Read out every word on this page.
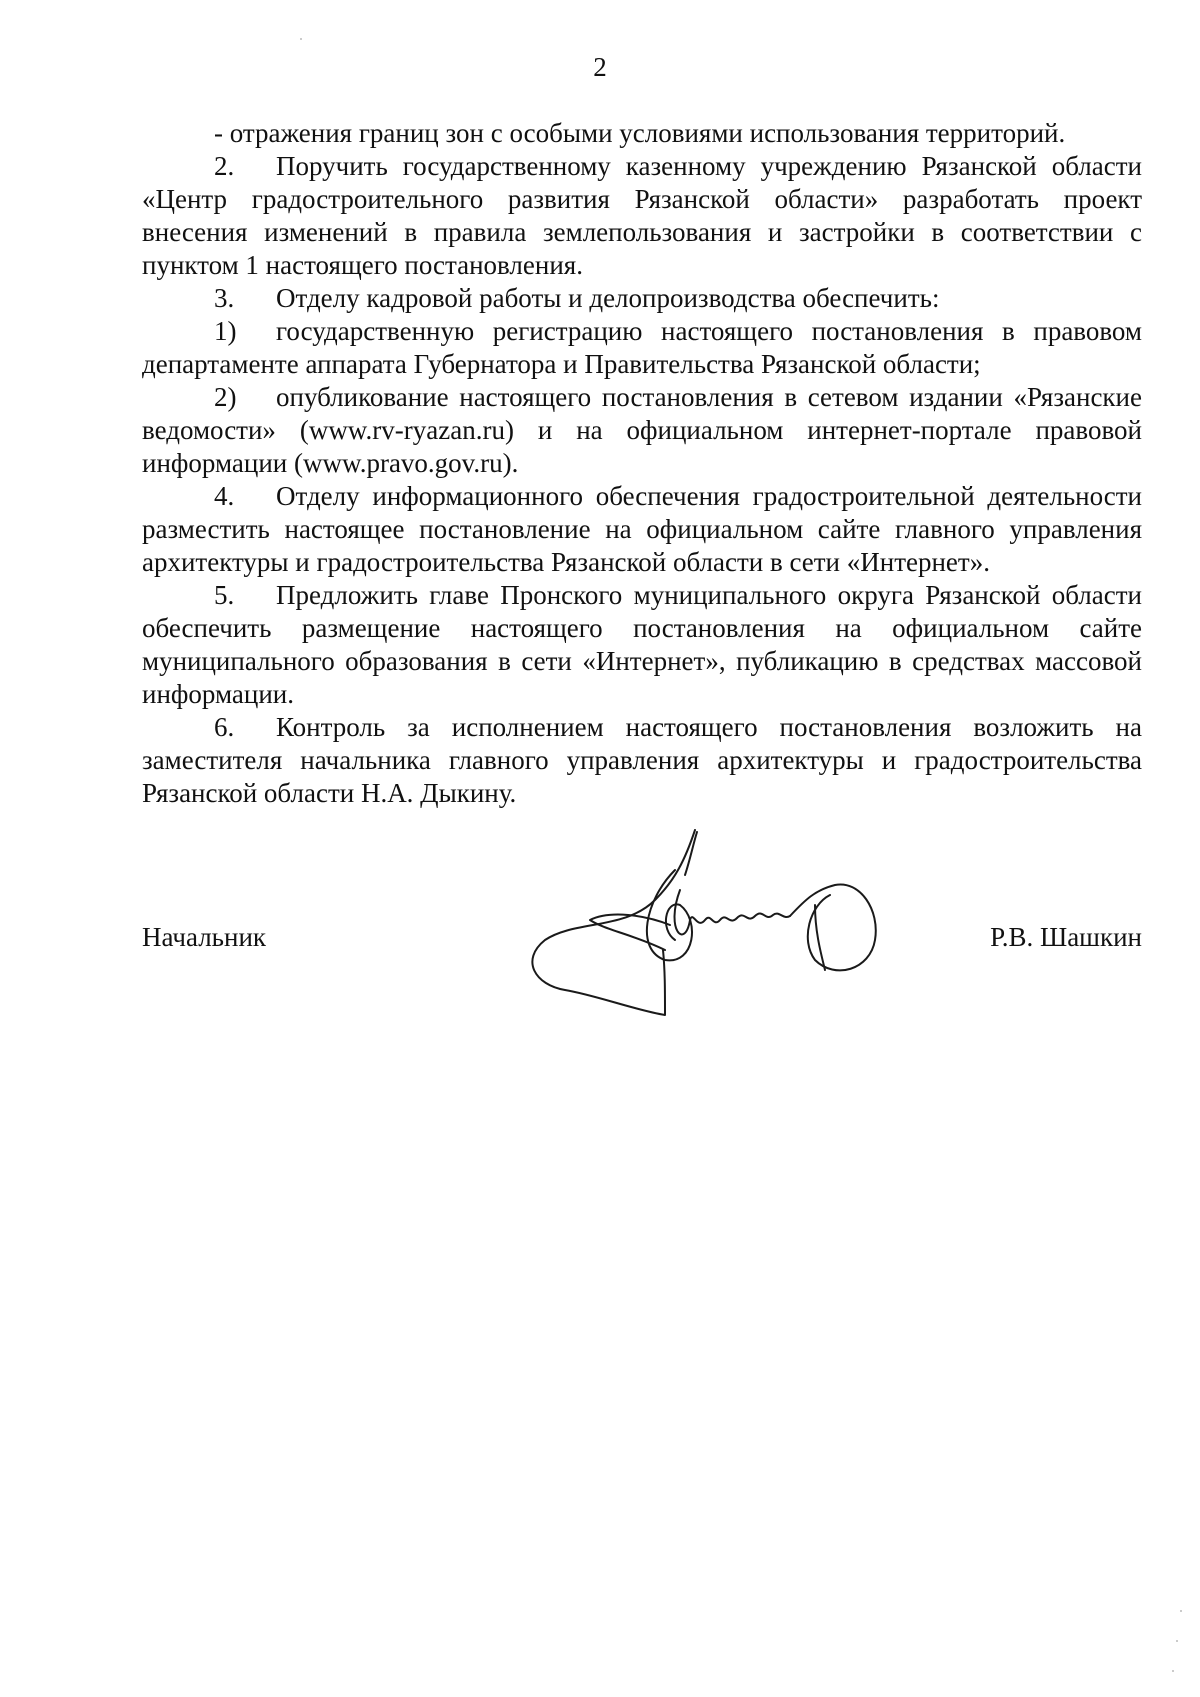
2

- отражения границ зон с особыми условиями использования территорий.

2. Поручить государственному казенному учреждению Рязанской области «Центр градостроительного развития Рязанской области» разработать проект внесения изменений в правила землепользования и застройки в соответствии с пунктом 1 настоящего постановления.

3. Отделу кадровой работы и делопроизводства обеспечить:

1) государственную регистрацию настоящего постановления в правовом департаменте аппарата Губернатора и Правительства Рязанской области;

2) опубликование настоящего постановления в сетевом издании «Рязанские ведомости» (www.rv-ryazan.ru) и на официальном интернет-портале правовой информации (www.pravo.gov.ru).

4. Отделу информационного обеспечения градостроительной деятельности разместить настоящее постановление на официальном сайте главного управления архитектуры и градостроительства Рязанской области в сети «Интернет».

5. Предложить главе Пронского муниципального округа Рязанской области обеспечить размещение настоящего постановления на официальном сайте муниципального образования в сети «Интернет», публикацию в средствах массовой информации.

6. Контроль за исполнением настоящего постановления возложить на заместителя начальника главного управления архитектуры и градостроительства Рязанской области Н.А. Дыкину.

Начальник	Р.В. Шашкин
